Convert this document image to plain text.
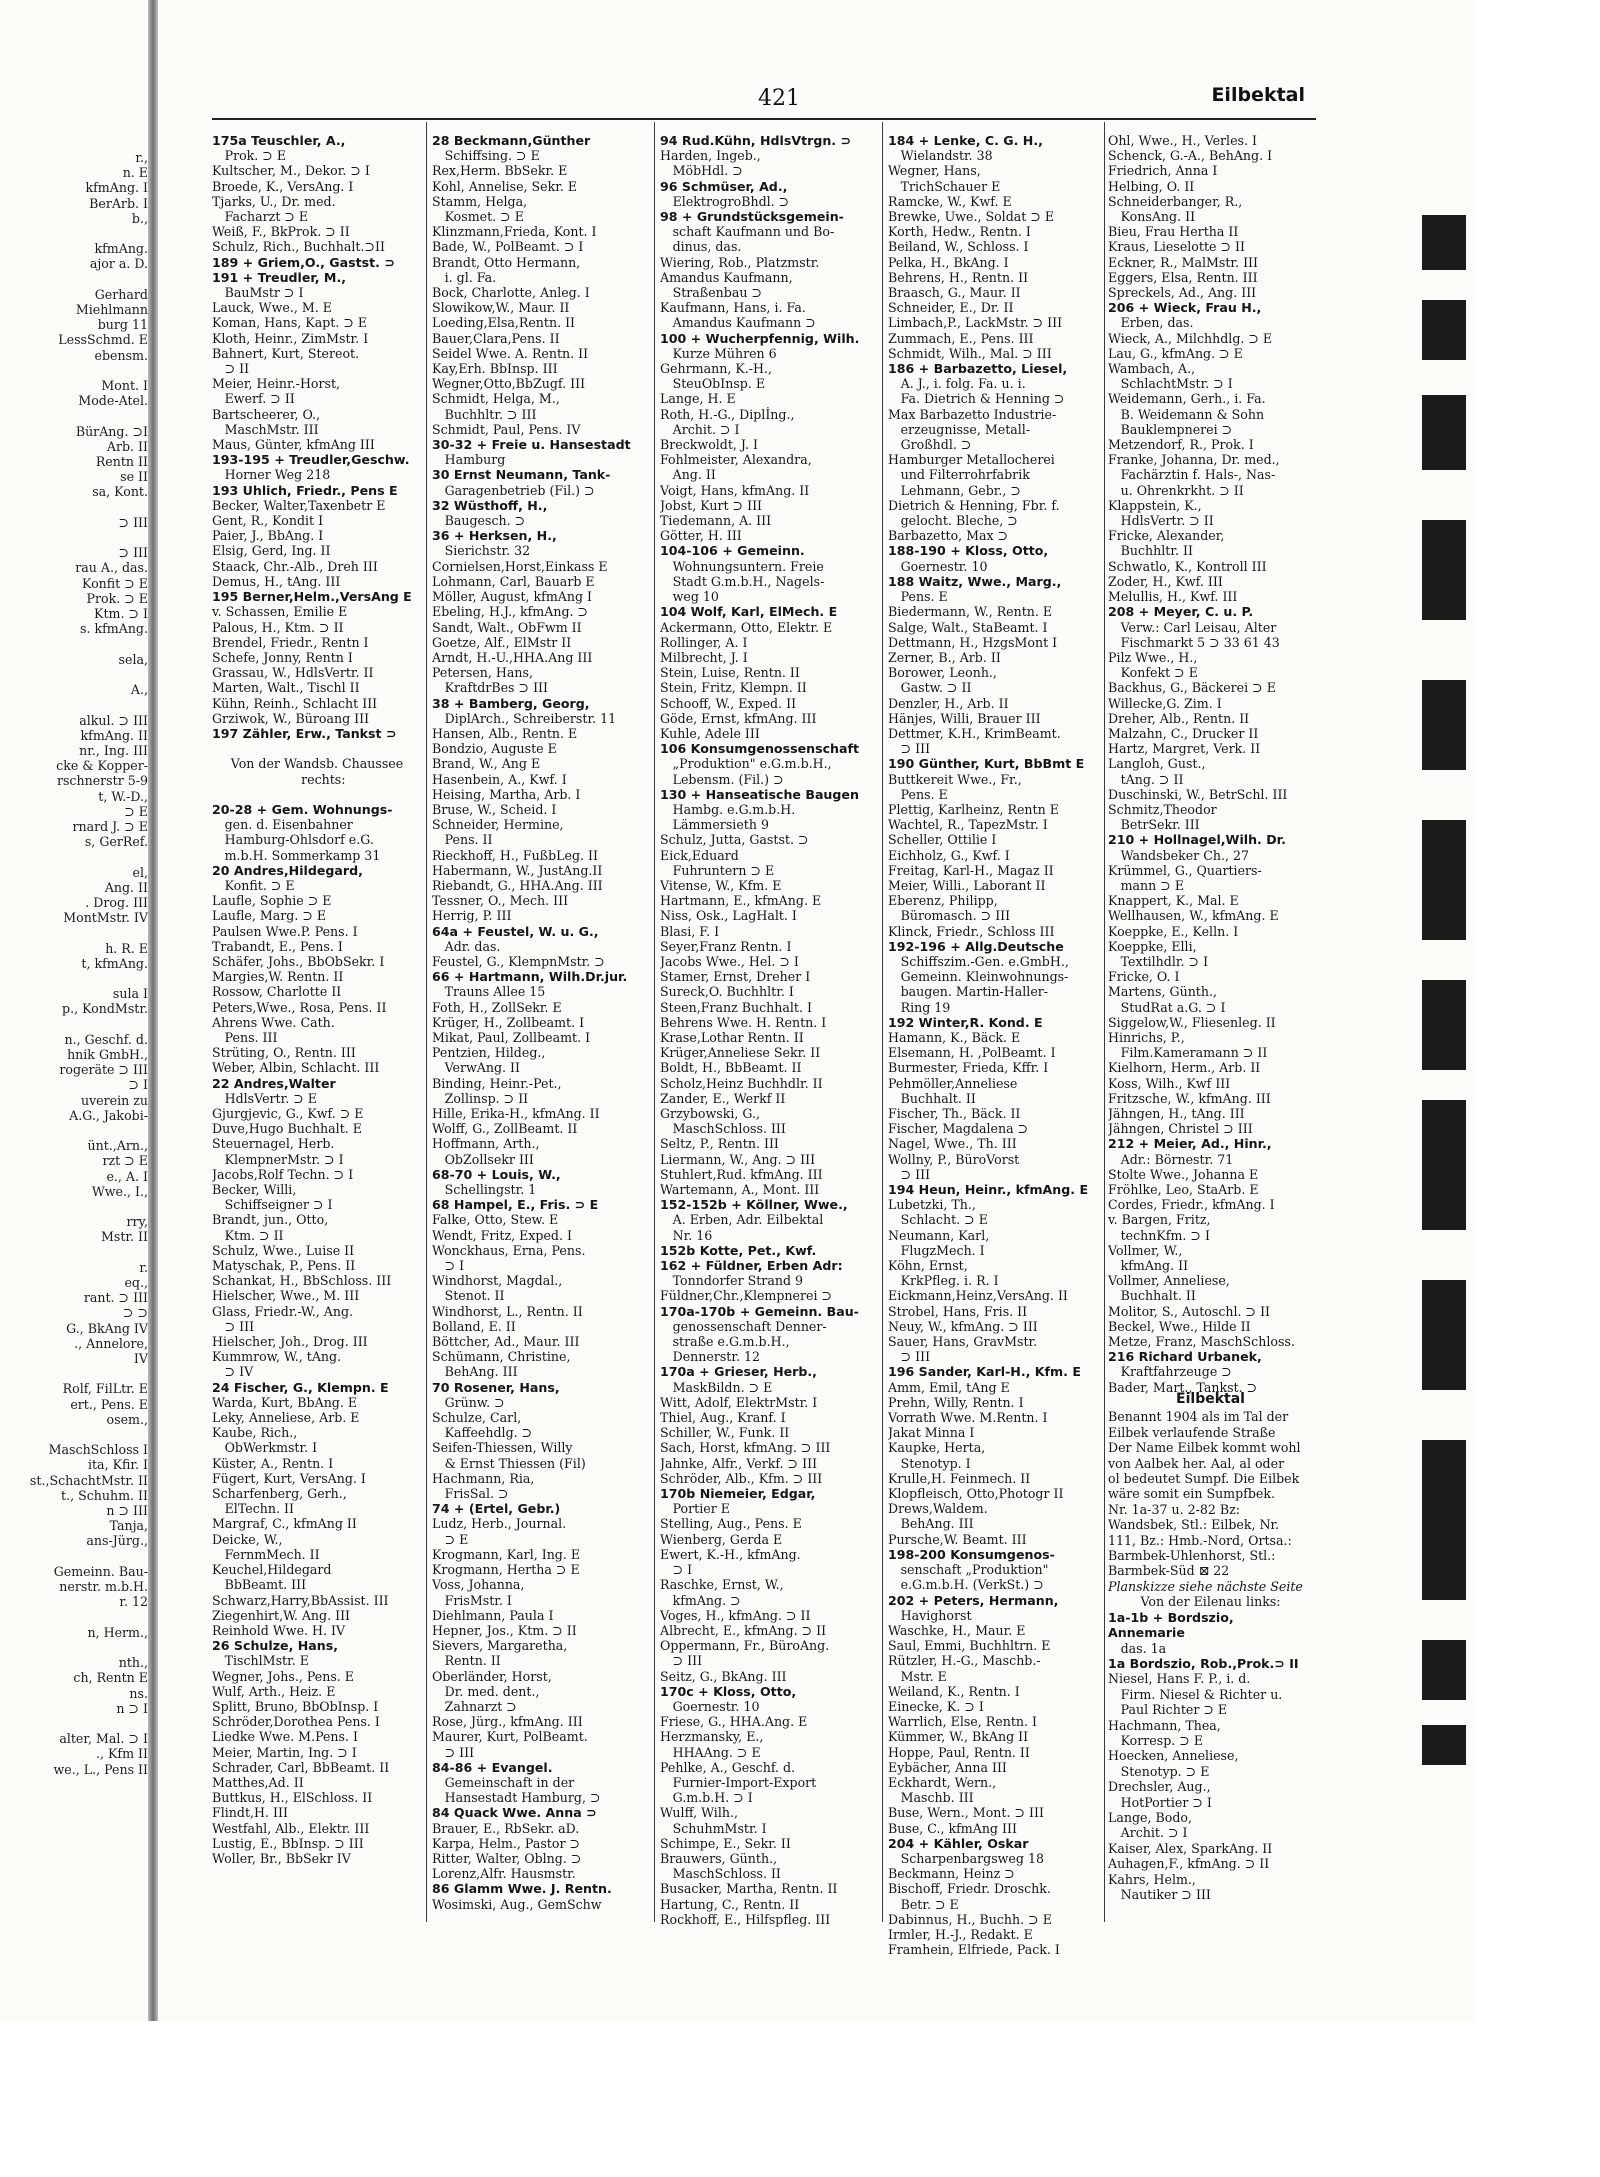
r.,
n. E
kfmAng. I
BerArb. I
b.,

kfmAng.
ajor a. D.

Gerhard
Miehlmann
burg 11
LessSchmd. E
ebensm.

Mont. I
Mode-Atel.

BürAng. ⊃I
Arb. II
Rentn II
se II
sa, Kont.

⊃ III

⊃ III
rau A., das.
Konfit ⊃ E
Prok. ⊃ E
Ktm. ⊃ I
s. kfmAng.

sela,

A.,

alkul. ⊃ III
kfmAng. II
nr., Ing. III
cke & Kopper-
rschnerstr 5-9
t, W.-D.,
⊃ E
rnard J. ⊃ E
s, GerRef.

el,
Ang. II
. Drog. III
MontMstr. IV

h. R. E
t, kfmAng.

sula I
p., KondMstr.

n., Geschf. d.
hnik GmbH.,
rogeräte ⊃ III
⊃ I
uverein zu
A.G., Jakobi-

ünt.,Arn.,
rzt ⊃ E
e., A. I
Wwe., I.,

rry,
Mstr. II

r.
eq.,
rant. ⊃ III
⊃ ⊃
G., BkAng IV
., Annelore,
IV

Rolf, FilLtr. E
ert., Pens. E
osem.,

MaschSchloss I
ita, Kfir. I
st.,SchachtMstr. II
t., Schuhm. II
n ⊃ III
Tanja,
ans-Jürg.,

Gemeinn. Bau-
nerstr. m.b.H.
r. 12

n, Herm.,

nth.,
ch, Rentn E
ns.
n ⊃ I

alter, Mal. ⊃ I
., Kfm II
we., L., Pens II
421	Eilbektal
175a Teuschler, A.,
 Prok. ⊃ E
Kultscher, M., Dekor. ⊃ I
Broede, K., VersAng. I
Tjarks, U., Dr. med.
 Facharzt ⊃ E
Weiß, F., BkProk. ⊃ II
Schulz, Rich., Buchhalt.⊃II
189 + Griem,O., Gastst. ⊃
191 + Treudler, M.,
 BauMstr ⊃ I
Lauck, Wwe., M. E
Koman, Hans, Kapt. ⊃ E
Kloth, Heinr., ZimMstr. I
Bahnert, Kurt, Stereot.
 ⊃ II
Meier, Heinr.-Horst,
 Ewerf. ⊃ II
Bartscheerer, O.,
 MaschMstr. III
Maus, Günter, kfmAng III
193-195 + Treudler,Geschw.
 Horner Weg 218
193 Uhlich, Friedr., Pens E
Becker, Walter,Taxenbetr E
Gent, R., Kondit I
Paier, J., BbAng. I
Elsig, Gerd, Ing. II
Staack, Chr.-Alb., Dreh III
Demus, H., tAng. III
195 Berner,Helm.,VersAng E
v. Schassen, Emilie E
Palous, H., Ktm. ⊃ II
Brendel, Friedr., Rentn I
Schefe, Jonny, Rentn I
Grassau, W., HdlsVertr. II
Marten, Walt., Tischl II
Kühn, Reinh., Schlacht III
Grziwok, W., Büroang III
197 Zähler, Erw., Tankst ⊃

Von der Wandsb. Chaussee
 rechts:

20-28 + Gem. Wohnungs-
 gen. d. Eisenbahner
 Hamburg-Ohlsdorf e.G.
 m.b.H. Sommerkamp 31
20 Andres,Hildegard,
 Konfit. ⊃ E
Laufle, Sophie ⊃ E
Laufle, Marg. ⊃ E
Paulsen Wwe.P. Pens. I
Trabandt, E., Pens. I
Schäfer, Johs., BbObSekr. I
Margies,W. Rentn. II
Rossow, Charlotte II
Peters,Wwe., Rosa, Pens. II
Ahrens Wwe. Cath.
 Pens. III
Strüting, O., Rentn. III
Weber, Albin, Schlacht. III
22 Andres,Walter
 HdlsVertr. ⊃ E
Gjurgjevic, G., Kwf. ⊃ E
Duve,Hugo Buchhalt. E
Steuernagel, Herb.
 KlempnerMstr. ⊃ I
Jacobs,Rolf Techn. ⊃ I
Becker, Willi,
 Schiffseigner ⊃ I
Brandt, jun., Otto,
 Ktm. ⊃ II
Schulz, Wwe., Luise II
Matyschak, P., Pens. II
Schankat, H., BbSchloss. III
Hielscher, Wwe., M. III
Glass, Friedr.-W., Ang.
 ⊃ III
Hielscher, Joh., Drog. III
Kummrow, W., tAng.
 ⊃ IV
24 Fischer, G., Klempn. E
Warda, Kurt, BbAng. E
Leky, Anneliese, Arb. E
Kaube, Rich.,
 ObWerkmstr. I
Küster, A., Rentn. I
Fügert, Kurt, VersAng. I
Scharfenberg, Gerh.,
 ElTechn. II
Margraf, C., kfmAng II
Deicke, W.,
 FernmMech. II
Keuchel,Hildegard
 BbBeamt. III
Schwarz,Harry,BbAssist. III
Ziegenhirt,W. Ang. III
Reinhold Wwe. H. IV
26 Schulze, Hans,
 TischlMstr. E
Wegner, Johs., Pens. E
Wulf, Arth., Heiz. E
Splitt, Bruno, BbObInsp. I
Schröder,Dorothea Pens. I
Liedke Wwe. M.Pens. I
Meier, Martin, Ing. ⊃ I
Schrader, Carl, BbBeamt. II
Matthes,Ad. II
Buttkus, H., ElSchloss. II
Flindt,H. III
Westfahl, Alb., Elektr. III
Lustig, E., BbInsp. ⊃ III
Woller, Br., BbSekr IV
28 Beckmann,Günther
 Schiffsing. ⊃ E
Rex,Herm. BbSekr. E
Kohl, Annelise, Sekr. E
Stamm, Helga,
 Kosmet. ⊃ E
Klinzmann,Frieda, Kont. I
Bade, W., PolBeamt. ⊃ I
Brandt, Otto Hermann,
 i. gl. Fa.
Bock, Charlotte, Anleg. I
Slowikow,W., Maur. II
Loeding,Elsa,Rentn. II
Bauer,Clara,Pens. II
Seidel Wwe. A. Rentn. II
Kay,Erh. BbInsp. III
Wegner,Otto,BbZugf. III
Schmidt, Helga, M.,
 Buchhltr. ⊃ III
Schmidt, Paul, Pens. IV
30-32 + Freie u. Hansestadt
 Hamburg
30 Ernst Neumann, Tank-
 Garagenbetrieb (Fil.) ⊃
32 Wüsthoff, H.,
 Baugesch. ⊃
36 + Herksen, H.,
 Sierichstr. 32
Cornielsen,Horst,Einkass E
Lohmann, Carl, Bauarb E
Möller, August, kfmAng I
Ebeling, H.J., kfmAng. ⊃
Sandt, Walt., ObFwm II
Goetze, Alf., ElMstr II
Arndt, H.-U.,HHA.Ang III
Petersen, Hans,
 KraftdrBes ⊃ III
38 + Bamberg, Georg,
 DiplArch., Schreiberstr. 11
Hansen, Alb., Rentn. E
Bondzio, Auguste E
Brand, W., Ang E
Hasenbein, A., Kwf. I
Heising, Martha, Arb. I
Bruse, W., Scheid. I
Schneider, Hermine,
 Pens. II
Rieckhoff, H., FußbLeg. II
Habermann, W., JustAng.II
Riebandt, G., HHA.Ang. III
Tessner, O., Mech. III
Herrig, P. III
64a + Feustel, W. u. G.,
 Adr. das.
Feustel, G., KlempnMstr. ⊃
66 + Hartmann, Wilh.Dr.jur.
 Trauns Allee 15
Foth, H., ZollSekr. E
Krüger, H., Zollbeamt. I
Mikat, Paul, Zollbeamt. I
Pentzien, Hildeg.,
 VerwAng. II
Binding, Heinr.-Pet.,
 Zollinsp. ⊃ II
Hille, Erika-H., kfmAng. II
Wolff, G., ZollBeamt. II
Hoffmann, Arth.,
 ObZollsekr III
68-70 + Louis, W.,
 Schellingstr. 1
68 Hampel, E., Fris. ⊃ E
Falke, Otto, Stew. E
Wendt, Fritz, Exped. I
Wonckhaus, Erna, Pens.
 ⊃ I
Windhorst, Magdal.,
 Stenot. II
Windhorst, L., Rentn. II
Bolland, E. II
Böttcher, Ad., Maur. III
Schümann, Christine,
 BehAng. III
70 Rosener, Hans,
 Grünw. ⊃
Schulze, Carl,
 Kaffeehdlg. ⊃
Seifen-Thiessen, Willy
 & Ernst Thiessen (Fil)
Hachmann, Ria,
 FrisSal. ⊃
74 + (Ertel, Gebr.)
Ludz, Herb., Journal.
 ⊃ E
Krogmann, Karl, Ing. E
Krogmann, Hertha ⊃ E
Voss, Johanna,
 FrisMstr. I
Diehlmann, Paula I
Hepner, Jos., Ktm. ⊃ II
Sievers, Margaretha,
 Rentn. II
Oberländer, Horst,
 Dr. med. dent.,
 Zahnarzt ⊃
Rose, Jürg., kfmAng. III
Maurer, Kurt, PolBeamt.
 ⊃ III
84-86 + Evangel.
 Gemeinschaft in der
 Hansestadt Hamburg, ⊃
84 Quack Wwe. Anna ⊃
Brauer, E., RbSekr. aD.
Karpa, Helm., Pastor ⊃
Ritter, Walter, Oblng. ⊃
Lorenz,Alfr. Hausmstr.
86 Glamm Wwe. J. Rentn.
Wosimski, Aug., GemSchw
94 Rud.Kühn, HdlsVtrgn. ⊃
Harden, Ingeb.,
 MöbHdl. ⊃
96 Schmüser, Ad.,
 ElektrogroBhdl. ⊃
98 + Grundstücksgemein-
 schaft Kaufmann und Bo-
 dinus, das.
Wiering, Rob., Platzmstr.
Amandus Kaufmann,
 Straßenbau ⊃
Kaufmann, Hans, i. Fa.
 Amandus Kaufmann ⊃
100 + Wucherpfennig, Wilh.
 Kurze Mühren 6
Gehrmann, K.-H.,
 SteuObInsp. E
Lange, H. E
Roth, H.-G., Diplİng.,
 Archit. ⊃ I
Breckwoldt, J. I
Fohlmeister, Alexandra,
 Ang. II
Voigt, Hans, kfmAng. II
Jobst, Kurt ⊃ III
Tiedemann, A. III
Götter, H. III
104-106 + Gemeinn.
 Wohnungsuntern. Freie
 Stadt G.m.b.H., Nagels-
 weg 10
104 Wolf, Karl, ElMech. E
Ackermann, Otto, Elektr. E
Rollinger, A. I
Milbrecht, J. I
Stein, Luise, Rentn. II
Stein, Fritz, Klempn. II
Schooff, W., Exped. II
Göde, Ernst, kfmAng. III
Kuhle, Adele III
106 Konsumgenossenschaft
 „Produktion" e.G.m.b.H.,
 Lebensm. (Fil.) ⊃
130 + Hanseatische Baugen
 Hambg. e.G.m.b.H.
 Lämmersieth 9
Schulz, Jutta, Gastst. ⊃
Eick,Eduard
 Fuhruntern ⊃ E
Vitense, W., Kfm. E
Hartmann, E., kfmAng. E
Niss, Osk., LagHalt. I
Blasi, F. I
Seyer,Franz Rentn. I
Jacobs Wwe., Hel. ⊃ I
Stamer, Ernst, Dreher I
Sureck,O. Buchhltr. I
Steen,Franz Buchhalt. I
Behrens Wwe. H. Rentn. I
Krase,Lothar Rentn. II
Krüger,Anneliese Sekr. II
Boldt, H., BbBeamt. II
Scholz,Heinz Buchhdlr. II
Zander, E., Werkf II
Grzybowski, G.,
 MaschSchloss. III
Seltz, P., Rentn. III
Liermann, W., Ang. ⊃ III
Stuhlert,Rud. kfmAng. III
Wartemann, A., Mont. III
152-152b + Köllner, Wwe.,
 A. Erben, Adr. Eilbektal
 Nr. 16
152b Kotte, Pet., Kwf.
162 + Füldner, Erben Adr:
 Tonndorfer Strand 9
Füldner,Chr.,Klempnerei ⊃
170a-170b + Gemeinn. Bau-
 genossenschaft Denner-
 straße e.G.m.b.H.,
 Dennerstr. 12
170a + Grieser, Herb.,
 MaskBildn. ⊃ E
Witt, Adolf, ElektrMstr. I
Thiel, Aug., Kranf. I
Schiller, W., Funk. II
Sach, Horst, kfmAng. ⊃ III
Jahnke, Alfr., Verkf. ⊃ III
Schröder, Alb., Kfm. ⊃ III
170b Niemeier, Edgar,
 Portier E
Stelling, Aug., Pens. E
Wienberg, Gerda E
Ewert, K.-H., kfmAng.
 ⊃ I
Raschke, Ernst, W.,
 kfmAng. ⊃
Voges, H., kfmAng. ⊃ II
Albrecht, E., kfmAng. ⊃ II
Oppermann, Fr., BüroAng.
 ⊃ III
Seitz, G., BkAng. III
170c + Kloss, Otto,
 Goernestr. 10
Friese, G., HHA.Ang. E
Herzmansky, E.,
 HHAAng. ⊃ E
Pehlke, A., Geschf. d.
 Furnier-Import-Export
 G.m.b.H. ⊃ I
Wulff, Wilh.,
 SchuhmMstr. I
Schimpe, E., Sekr. II
Brauwers, Günth.,
 MaschSchloss. II
Busacker, Martha, Rentn. II
Hartung, C., Rentn. II
Rockhoff, E., Hilfspfleg. III
184 + Lenke, C. G. H.,
 Wielandstr. 38
Wegner, Hans,
 TrichSchauer E
Ramcke, W., Kwf. E
Brewke, Uwe., Soldat ⊃ E
Korth, Hedw., Rentn. I
Beiland, W., Schloss. I
Pelka, H., BkAng. I
Behrens, H., Rentn. II
Braasch, G., Maur. II
Schneider, E., Dr. II
Limbach,P., LackMstr. ⊃ III
Zummach, E., Pens. III
Schmidt, Wilh., Mal. ⊃ III
186 + Barbazetto, Liesel,
 A. J., i. folg. Fa. u. i.
 Fa. Dietrich & Henning ⊃
Max Barbazetto Industrie-
 erzeugnisse, Metall-
 Großhdl. ⊃
Hamburger Metallocherei
 und Filterrohrfabrik
 Lehmann, Gebr., ⊃
Dietrich & Henning, Fbr. f.
 gelocht. Bleche, ⊃
Barbazetto, Max ⊃
188-190 + Kloss, Otto,
 Goernestr. 10
188 Waitz, Wwe., Marg.,
 Pens. E
Biedermann, W., Rentn. E
Salge, Walt., StaBeamt. I
Dettmann, H., HzgsMont I
Zerner, B., Arb. II
Borower, Leonh.,
 Gastw. ⊃ II
Denzler, H., Arb. II
Hänjes, Willi, Brauer III
Dettmer, K.H., KrimBeamt.
 ⊃ III
190 Günther, Kurt, BbBmt E
Buttkereit Wwe., Fr.,
 Pens. E
Plettig, Karlheinz, Rentn E
Wachtel, R., TapezMstr. I
Scheller, Ottilie I
Eichholz, G., Kwf. I
Freitag, Karl-H., Magaz II
Meier, Willi., Laborant II
Eberenz, Philipp,
 Büromasch. ⊃ III
Klinck, Friedr., Schloss III
192-196 + Allg.Deutsche
 Schiffszim.-Gen. e.GmbH.,
 Gemeinn. Kleinwohnungs-
 baugen. Martin-Haller-
 Ring 19
192 Winter,R. Kond. E
Hamann, K., Bäck. E
Elsemann, H. ,PolBeamt. I
Burmester, Frieda, Kffr. I
Pehmöller,Anneliese
 Buchhalt. II
Fischer, Th., Bäck. II
Fischer, Magdalena ⊃
Nagel, Wwe., Th. III
Wollny, P., BüroVorst
 ⊃ III
194 Heun, Heinr., kfmAng. E
Lubetzki, Th.,
 Schlacht. ⊃ E
Neumann, Karl,
 FlugzMech. I
Köhn, Ernst,
 KrkPfleg. i. R. I
Eickmann,Heinz,VersAng. II
Strobel, Hans, Fris. II
Neuy, W., kfmAng. ⊃ III
Sauer, Hans, GravMstr.
 ⊃ III
196 Sander, Karl-H., Kfm. E
Amm, Emil, tAng E
Prehn, Willy, Rentn. I
Vorrath Wwe. M.Rentn. I
Jakat Minna I
Kaupke, Herta,
 Stenotyp. I
Krulle,H. Feinmech. II
Klopfleisch, Otto,Photogr II
Drews,Waldem.
 BehAng. III
Pursche,W. Beamt. III
198-200 Konsumgenos-
 senschaft „Produktion"
 e.G.m.b.H. (VerkSt.) ⊃
202 + Peters, Hermann,
 Havighorst
Waschke, H., Maur. E
Saul, Emmi, Buchhltrn. E
Rützler, H.-G., Maschb.-
 Mstr. E
Weiland, K., Rentn. I
Einecke, K. ⊃ I
Warrlich, Else, Rentn. I
Kümmer, W., BkAng II
Hoppe, Paul, Rentn. II
Eybächer, Anna III
Eckhardt, Wern.,
 Maschb. III
Buse, Wern., Mont. ⊃ III
Buse, C., kfmAng III
204 + Kähler, Oskar
 Scharpenbargsweg 18
Beckmann, Heinz ⊃
Bischoff, Friedr. Droschk.
 Betr. ⊃ E
Dabinnus, H., Buchh. ⊃ E
Irmler, H.-J., Redakt. E
Framhein, Elfriede, Pack. I
Ohl, Wwe., H., Verles. I
Schenck, G.-A., BehAng. I
Friedrich, Anna I
Helbing, O. II
Schneiderbanger, R.,
 KonsAng. II
Bieu, Frau Hertha II
Kraus, Lieselotte ⊃ II
Eckner, R., MalMstr. III
Eggers, Elsa, Rentn. III
Spreckels, Ad., Ang. III
206 + Wieck, Frau H.,
 Erben, das.
Wieck, A., Milchhdlg. ⊃ E
Lau, G., kfmAng. ⊃ E
Wambach, A.,
 SchlachtMstr. ⊃ I
Weidemann, Gerh., i. Fa.
 B. Weidemann & Sohn
 Bauklempnerei ⊃
Metzendorf, R., Prok. I
Franke, Johanna, Dr. med.,
 Fachärztin f. Hals-, Nas-
 u. Ohrenkrkht. ⊃ II
Klappstein, K.,
 HdlsVertr. ⊃ II
Fricke, Alexander,
 Buchhltr. II
Schwatlo, K., Kontroll III
Zoder, H., Kwf. III
Melullis, H., Kwf. III
208 + Meyer, C. u. P.
 Verw.: Carl Leisau, Alter
 Fischmarkt 5 ⊃ 33 61 43
Pilz Wwe., H.,
 Konfekt ⊃ E
Backhus, G., Bäckerei ⊃ E
Willecke,G. Zim. I
Dreher, Alb., Rentn. II
Malzahn, C., Drucker II
Hartz, Margret, Verk. II
Langloh, Gust.,
 tAng. ⊃ II
Duschinski, W., BetrSchl. III
Schmitz,Theodor
 BetrSekr. III
210 + Hollnagel,Wilh. Dr.
 Wandsbeker Ch., 27
Krümmel, G., Quartiers-
 mann ⊃ E
Knappert, K., Mal. E
Wellhausen, W., kfmAng. E
Koeppke, E., Kelln. I
Koeppke, Elli,
 Textilhdlr. ⊃ I
Fricke, O. I
Martens, Günth.,
 StudRat a.G. ⊃ I
Siggelow,W., Fliesenleg. II
Hinrichs, P.,
 Film.Kameramann ⊃ II
Kielhorn, Herm., Arb. II
Koss, Wilh., Kwf III
Fritzsche, W., kfmAng. III
Jähngen, H., tAng. III
Jähngen, Christel ⊃ III
212 + Meier, Ad., Hinr.,
 Adr.: Börnestr. 71
Stolte Wwe., Johanna E
Fröhlke, Leo, StaArb. E
Cordes, Friedr., kfmAng. I
v. Bargen, Fritz,
 technKfm. ⊃ I
Vollmer, W.,
 kfmAng. II
Vollmer, Anneliese,
 Buchhalt. II
Molitor, S., Autoschl. ⊃ II
Beckel, Wwe., Hilde II
Metze, Franz, MaschSchloss.
216 Richard Urbanek,
 Kraftfahrzeuge ⊃
Bader, Mart., Tankst. ⊃
Eilbektal
Benannt 1904 als im Tal der
Eilbek verlaufende Straße
Der Name Eilbek kommt wohl
von Aalbek her. Aal, al oder
ol bedeutet Sumpf. Die Eilbek
wäre somit ein Sumpfbek.
Nr. 1a-37 u. 2-82 Bz:
Wandsbek, Stl.: Eilbek, Nr.
111, Bz.: Hmb.-Nord, Ortsa.:
Barmbek-Uhlenhorst, Stl.:
Barmbek-Süd ⊠ 22
Planskizze siehe nächste Seite
Von der Eilenau links:
1a-1b + Bordszio, Annemarie
 das. 1a
1a Bordszio, Rob.,Prok.⊃ II
Niesel, Hans F. P., i. d.
 Firm. Niesel & Richter u.
 Paul Richter ⊃ E
Hachmann, Thea,
 Korresp. ⊃ E
Hoecken, Anneliese,
 Stenotyp. ⊃ E
Drechsler, Aug.,
 HotPortier ⊃ I
Lange, Bodo,
 Archit. ⊃ I
Kaiser, Alex, SparkAng. II
Auhagen,F., kfmAng. ⊃ II
Kahrs, Helm.,
 Nautiker ⊃ III
